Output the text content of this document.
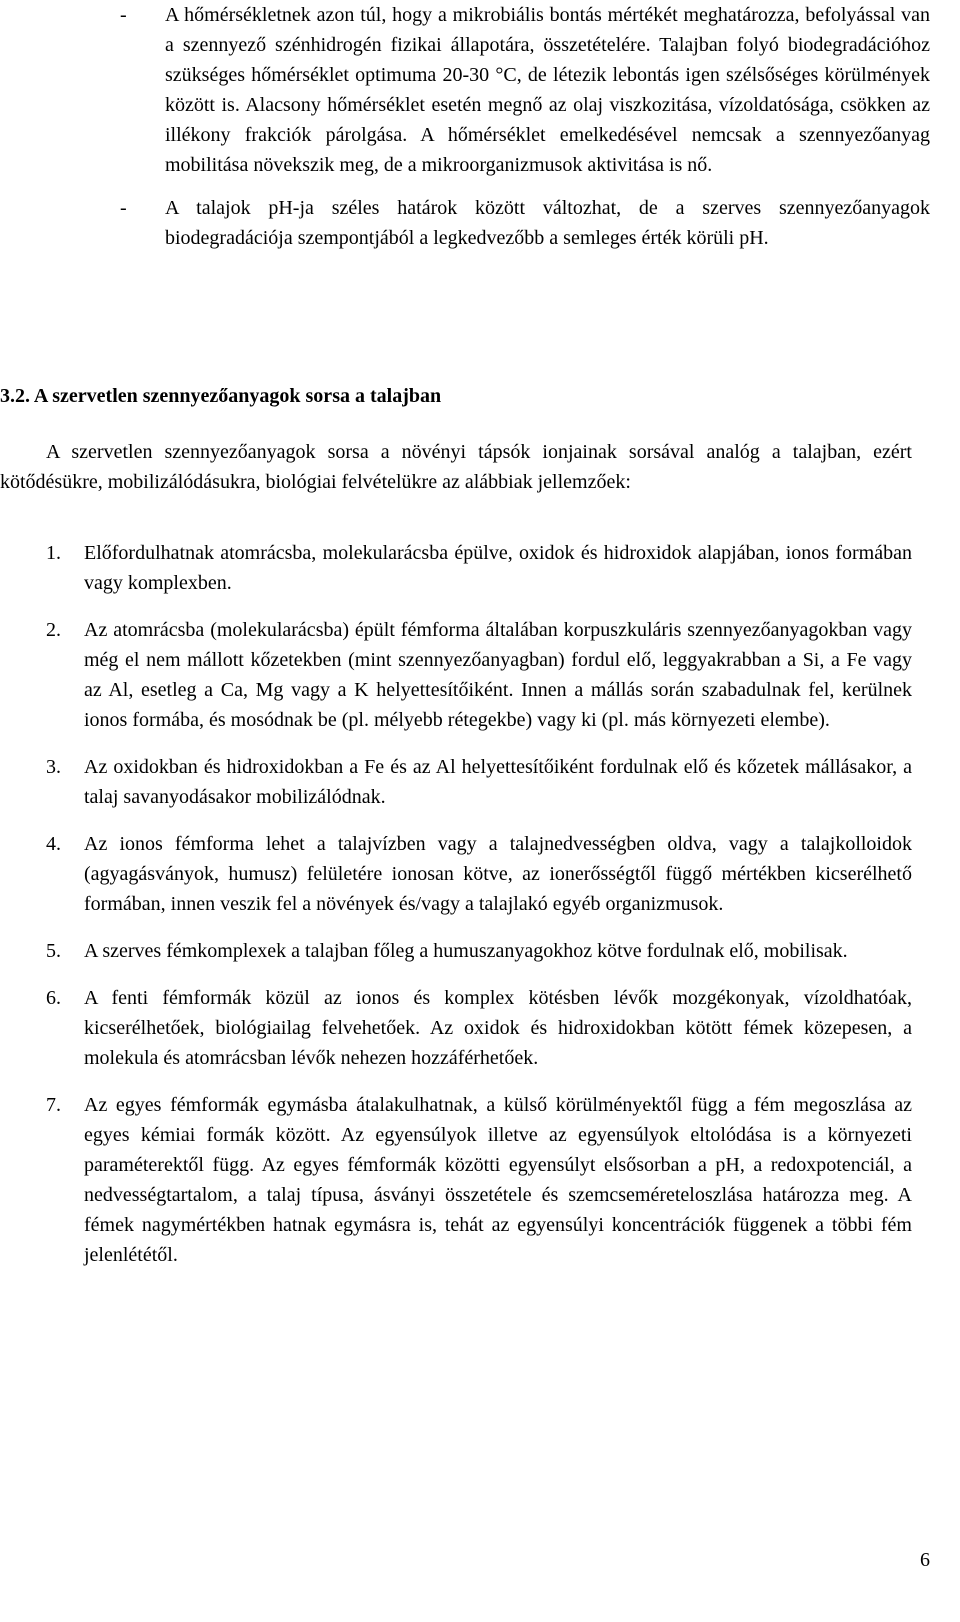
- A hőmérsékletnek azon túl, hogy a mikrobiális bontás mértékét meghatározza, befolyással van a szennyező szénhidrogén fizikai állapotára, összetételére. Talajban folyó biodegradációhoz szükséges hőmérséklet optimuma 20-30 °C, de létezik lebontás igen szélsőséges körülmények között is. Alacsony hőmérséklet esetén megnő az olaj viszkozitása, vízoldatósága, csökken az illékony frakciók párolgása. A hőmérséklet emelkedésével nemcsak a szennyezőanyag mobilitása növekszik meg, de a mikroorganizmusok aktivitása is nő.

- A talajok pH-ja széles határok között változhat, de a szerves szennyezőanyagok biodegradációja szempontjából a legkedvezőbb a semleges érték körüli pH.

3.2. A szervetlen szennyezőanyagok sorsa a talajban

A szervetlen szennyezőanyagok sorsa a növényi tápsók ionjainak sorsával analóg a talajban, ezért kötődésükre, mobilizálódásukra, biológiai felvételükre az alábbiak jellemzőek:

1. Előfordulhatnak atomrácsba, molekularácsba épülve, oxidok és hidroxidok alapjában, ionos formában vagy komplexben.
2. Az atomrácsba (molekularácsba) épült fémforma általában korpuszkuláris szennyezőanyagokban vagy még el nem mállott kőzetekben (mint szennyezőanyagban) fordul elő, leggyakrabban a Si, a Fe vagy az Al, esetleg a Ca, Mg vagy a K helyettesítőiként. Innen a mállás során szabadulnak fel, kerülnek ionos formába, és mosódnak be (pl. mélyebb rétegekbe) vagy ki (pl. más környezeti elembe).
3. Az oxidokban és hidroxidokban a Fe és az Al helyettesítőiként fordulnak elő és kőzetek mállásakor, a talaj savanyodásakor mobilizálódnak.
4. Az ionos fémforma lehet a talajvízben vagy a talajnedvességben oldva, vagy a talajkolloidok (agyagásványok, humusz) felületére ionosan kötve, az ionerősségtől függő mértékben kicserélhető formában, innen veszik fel a növények és/vagy a talajlakó egyéb organizmusok.
5. A szerves fémkomplexek a talajban főleg a humuszanyagokhoz kötve fordulnak elő, mobilisak.
6. A fenti fémformák közül az ionos és komplex kötésben lévők mozgékonyak, vízoldhatóak, kicserélhetőek, biológiailag felvehetőek. Az oxidok és hidroxidokban kötött fémek közepesen, a molekula és atomrácsban lévők nehezen hozzáférhetőek.
7. Az egyes fémformák egymásba átalakulhatnak, a külső körülményektől függ a fém megoszlása az egyes kémiai formák között. Az egyensúlyok illetve az egyensúlyok eltolódása is a környezeti paraméterektől függ. Az egyes fémformák közötti egyensúlyt elsősorban a pH, a redoxpotenciál, a nedvességtartalom, a talaj típusa, ásványi összetétele és szemcseméreteloszlása határozza meg. A fémek nagymértékben hatnak egymásra is, tehát az egyensúlyi koncentrációk függenek a többi fém jelenlététől.
6
